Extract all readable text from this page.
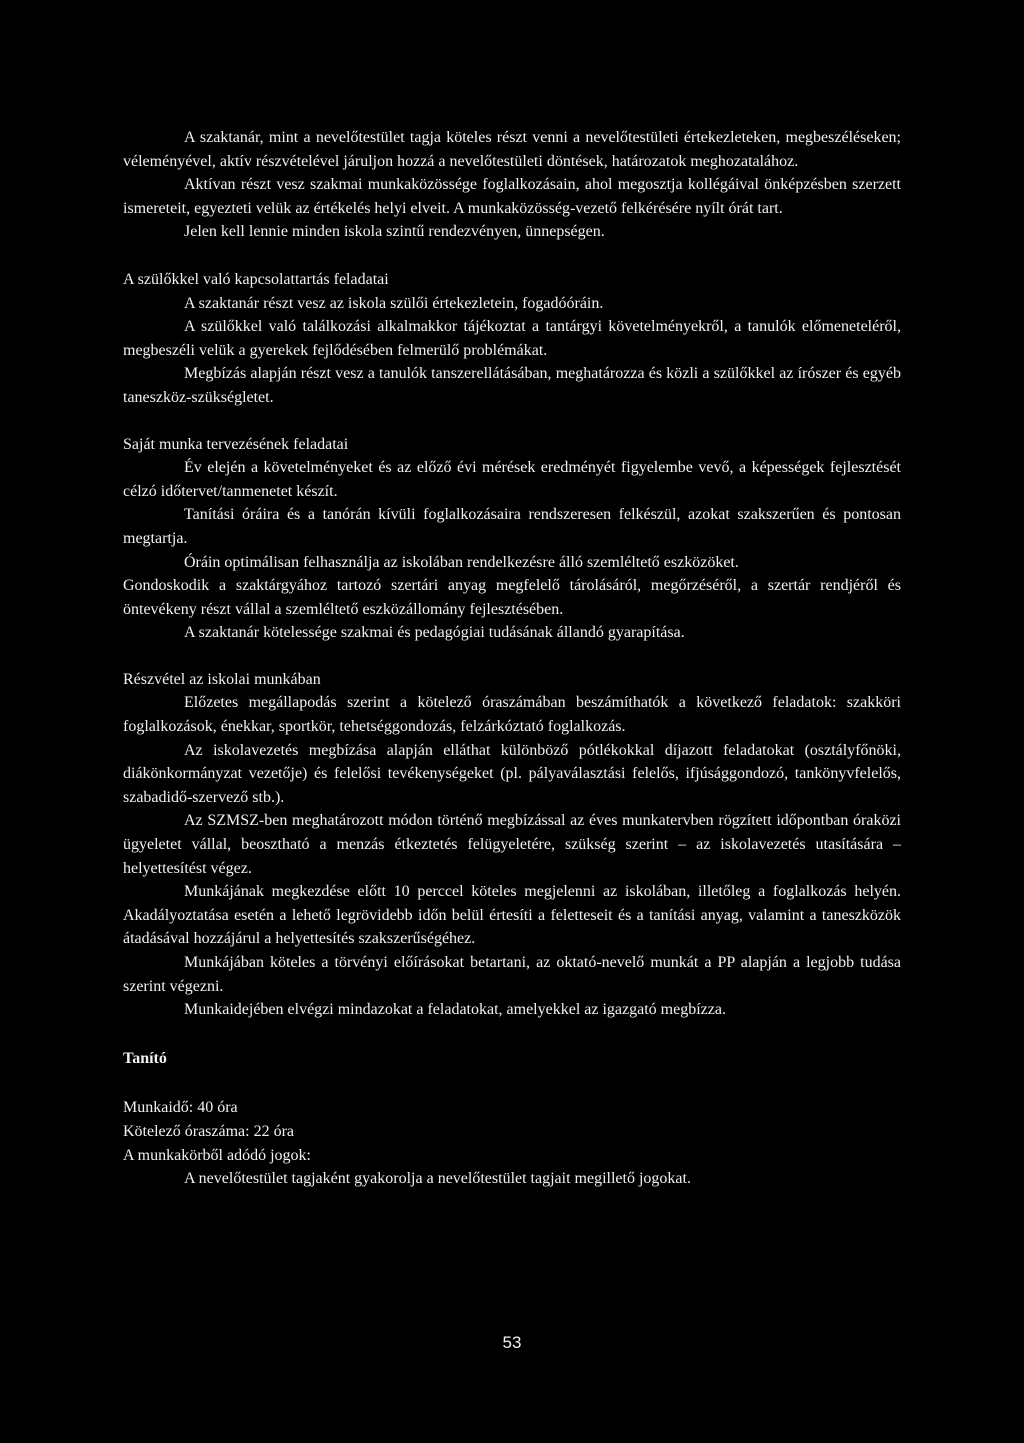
A szaktanár, mint a nevelőtestület tagja köteles részt venni a nevelőtestületi értekezleteken, megbeszéléseken; véleményével, aktív részvételével járuljon hozzá a nevelőtestületi döntések, határozatok meghozatalához.

Aktívan részt vesz szakmai munkaközössége foglalkozásain, ahol megosztja kollégáival önképzésben szerzett ismereteit, egyezteti velük az értékelés helyi elveit. A munkaközösség-vezető felkérésére nyílt órát tart.

Jelen kell lennie minden iskola szintű rendezvényen, ünnepségen.

A szülőkkel való kapcsolattartás feladatai

A szaktanár részt vesz az iskola szülői értekezletein, fogadóóráin.

A szülőkkel való találkozási alkalmakkor tájékoztat a tantárgyi követelményekről, a tanulók előmeneteléről, megbeszéli velük a gyerekek fejlődésében felmerülő problémákat.

Megbízás alapján részt vesz a tanulók tanszerellátásában, meghatározza és közli a szülőkkel az írószer és egyéb taneszköz-szükségletet.

Saját munka tervezésének feladatai

Év elején a követelményeket és az előző évi mérések eredményét figyelembe vevő, a képességek fejlesztését célzó időtervet/tanmenetet készít.

Tanítási óráira és a tanórán kívüli foglalkozásaira rendszeresen felkészül, azokat szakszerűen és pontosan megtartja.

Óráin optimálisan felhasználja az iskolában rendelkezésre álló szemléltető eszközöket.

Gondoskodik a szaktárgyához tartozó szertári anyag megfelelő tárolásáról, megőrzéséről, a szertár rendjéről és öntevékeny részt vállal a szemléltető eszközállomány fejlesztésében.

A szaktanár kötelessége szakmai és pedagógiai tudásának állandó gyarapítása.

Részvétel az iskolai munkában

Előzetes megállapodás szerint a kötelező óraszámában beszámíthatók a következő feladatok: szakköri foglalkozások, énekkar, sportkör, tehetséggondozás, felzárkóztató foglalkozás.

Az iskolavezetés megbízása alapján elláthat különböző pótlékokkal díjazott feladatokat (osztályfőnöki, diákönkormányzat vezetője) és felelősi tevékenységeket (pl. pályaválasztási felelős, ifjúsággondozó, tankönyvfelelős, szabadidő-szervező stb.).

Az SZMSZ-ben meghatározott módon történő megbízással az éves munkatervben rögzített időpontban óraközi ügyeletet vállal, beosztható a menzás étkeztetés felügyeletére, szükség szerint – az iskolavezetés utasítására – helyettesítést végez.

Munkájának megkezdése előtt 10 perccel köteles megjelenni az iskolában, illetőleg a foglalkozás helyén. Akadályoztatása esetén a lehető legrövidebb időn belül értesíti a feletteseit és a tanítási anyag, valamint a taneszközök átadásával hozzájárul a helyettesítés szakszerűségéhez.

Munkájában köteles a törvényi előírásokat betartani, az oktató-nevelő munkát a PP alapján a legjobb tudása szerint végezni.

Munkaidejében elvégzi mindazokat a feladatokat, amelyekkel az igazgató megbízza.

Tanító

Munkaidő: 40 óra

Kötelező óraszáma: 22 óra

A munkakörből adódó jogok:

A nevelőtestület tagjaként gyakorolja a nevelőtestület tagjait megillető jogokat.

53
